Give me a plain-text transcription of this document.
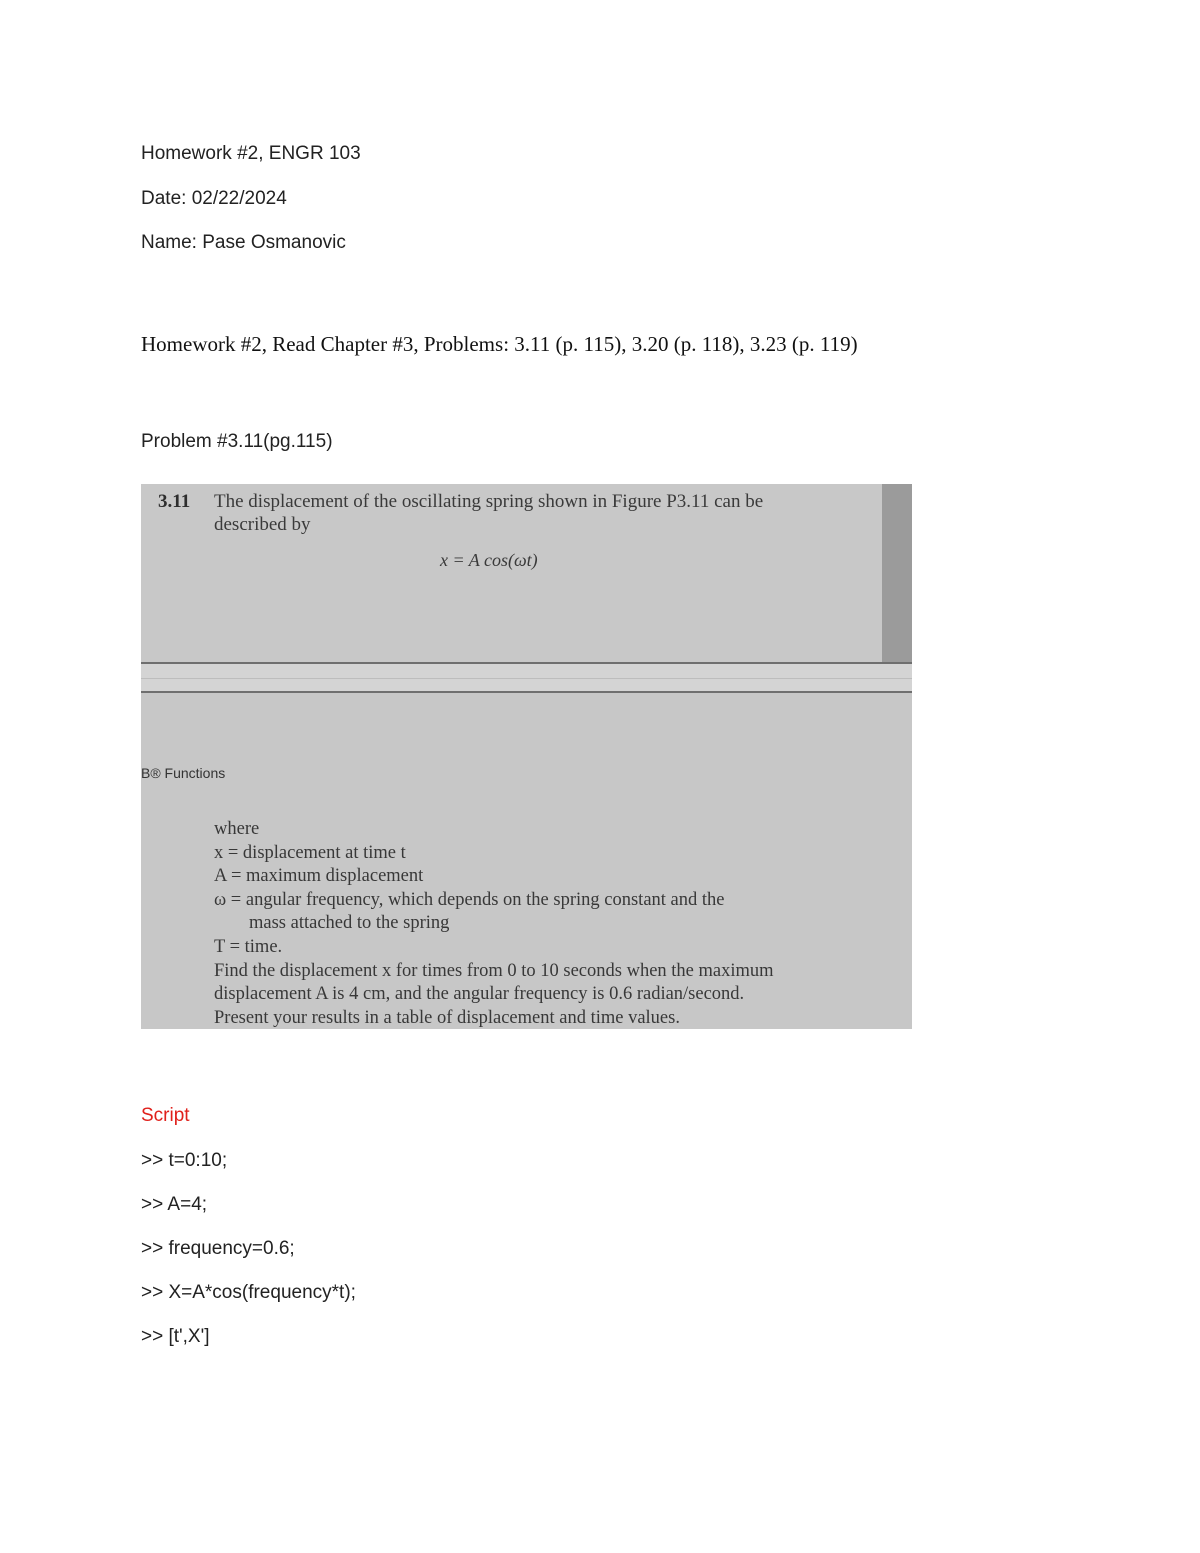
Homework #2, ENGR 103
Date: 02/22/2024
Name: Pase Osmanovic
Homework #2, Read Chapter #3, Problems: 3.11 (p. 115), 3.20 (p. 118), 3.23 (p. 119)
Problem #3.11(pg.115)
3.11 The displacement of the oscillating spring shown in Figure P3.11 can be
described by
x = A cos(ωt)
B® Functions
where
x = displacement at time t
A = maximum displacement
ω = angular frequency, which depends on the spring constant and the
mass attached to the spring
T = time.
Find the displacement x for times from 0 to 10 seconds when the maximum
displacement A is 4 cm, and the angular frequency is 0.6 radian/second.
Present your results in a table of displacement and time values.
Script
>> t=0:10;
>> A=4;
>> frequency=0.6;
>> X=A*cos(frequency*t);
>> [t',X']
